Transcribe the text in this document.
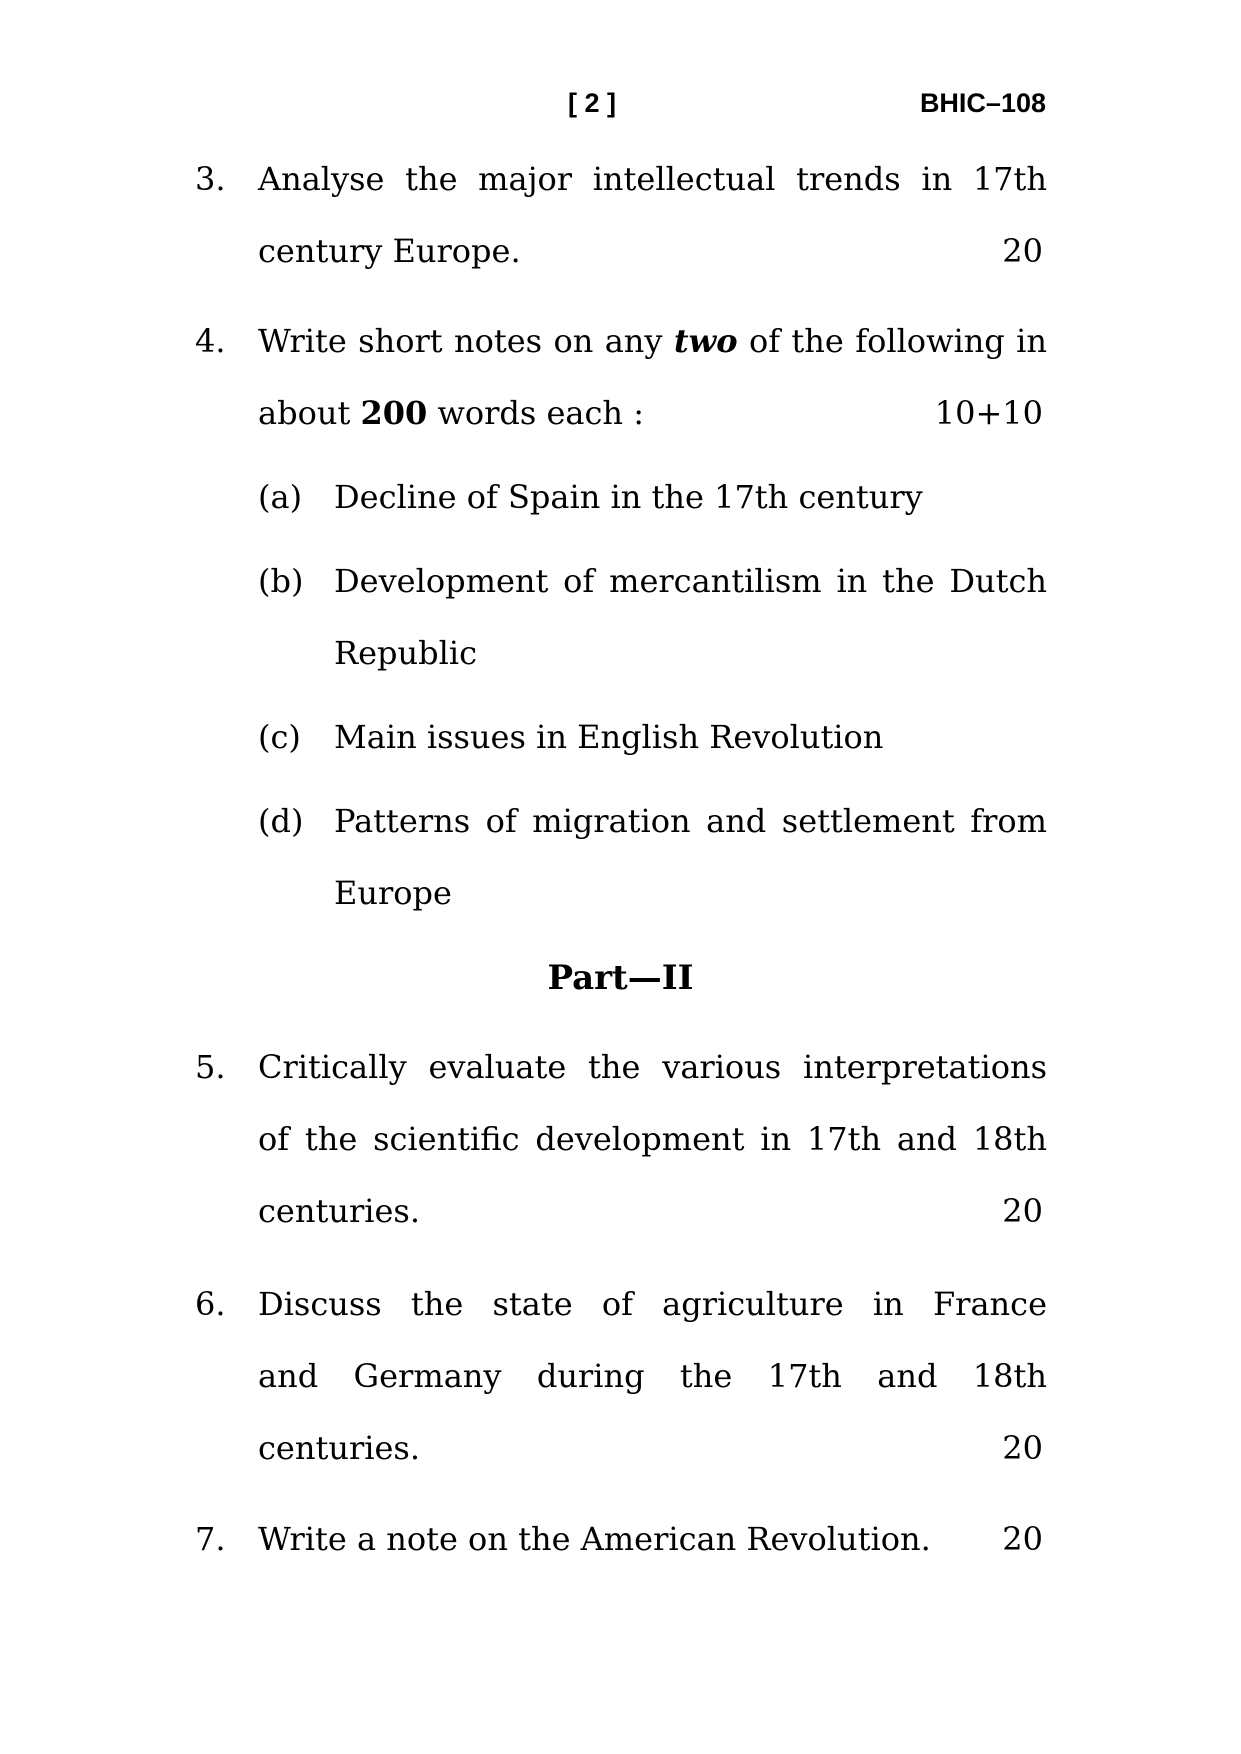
[ 2 ]	BHIC–108
3. Analyse the major intellectual trends in 17th
century Europe.	20
4. Write short notes on any two of the following in
about 200 words each :	10+10
(a) Decline of Spain in the 17th century
(b) Development of mercantilism in the Dutch
Republic
(c) Main issues in English Revolution
(d) Patterns of migration and settlement from
Europe
Part—II
5. Critically evaluate the various interpretations
of the scientific development in 17th and 18th
centuries.	20
6. Discuss the state of agriculture in France
and Germany during the 17th and 18th
centuries.	20
7. Write a note on the American Revolution.	20
